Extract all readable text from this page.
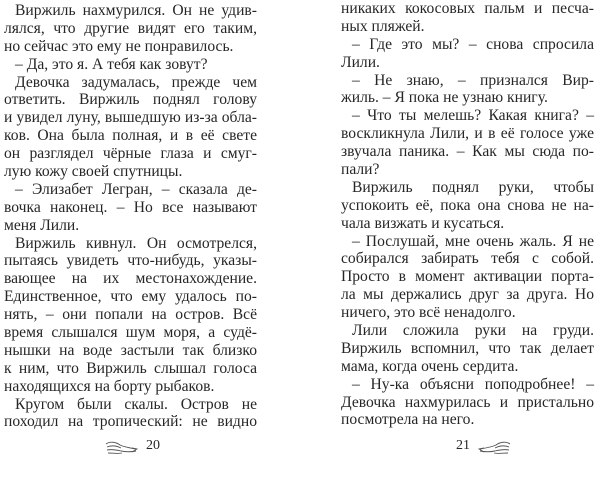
Виржиль нахмурился. Он не удив-
лялся, что другие видят его таким,
но сейчас это ему не понравилось.
– Да, это я. А тебя как зовут?
Девочка задумалась, прежде чем
ответить. Виржиль поднял голову
и увидел луну, вышедшую из-за обла-
ков. Она была полная, и в её свете
он разглядел чёрные глаза и смуг-
лую кожу своей спутницы.
– Элизабет Легран, – сказала де-
вочка наконец. – Но все называют
меня Лили.
Виржиль кивнул. Он осмотрелся,
пытаясь увидеть что-нибудь, указы-
вающее на их местонахождение.
Единственное, что ему удалось по-
нять, – они попали на остров. Всё
время слышался шум моря, а судё-
нышки на воде застыли так близко
к ним, что Виржиль слышал голоса
находящихся на борту рыбаков.
Кругом были скалы. Остров не
походил на тропический: не видно
никаких кокосовых пальм и песча-
ных пляжей.
– Где это мы? – снова спросила
Лили.
– Не знаю, – признался Вир-
жиль. – Я пока не узнаю книгу.
– Что ты мелешь? Какая книга? –
воскликнула Лили, и в её голосе уже
звучала паника. – Как мы сюда по-
пали?
Виржиль поднял руки, чтобы
успокоить её, пока она снова не на-
чала визжать и кусаться.
– Послушай, мне очень жаль. Я не
собирался забирать тебя с собой.
Просто в момент активации порта-
ла мы держались друг за друга. Но
ничего, это всё ненадолго.
Лили сложила руки на груди.
Виржиль вспомнил, что так делает
мама, когда очень сердита.
– Ну-ка объясни поподробнее! –
Девочка нахмурилась и пристально
посмотрела на него.
20	21
